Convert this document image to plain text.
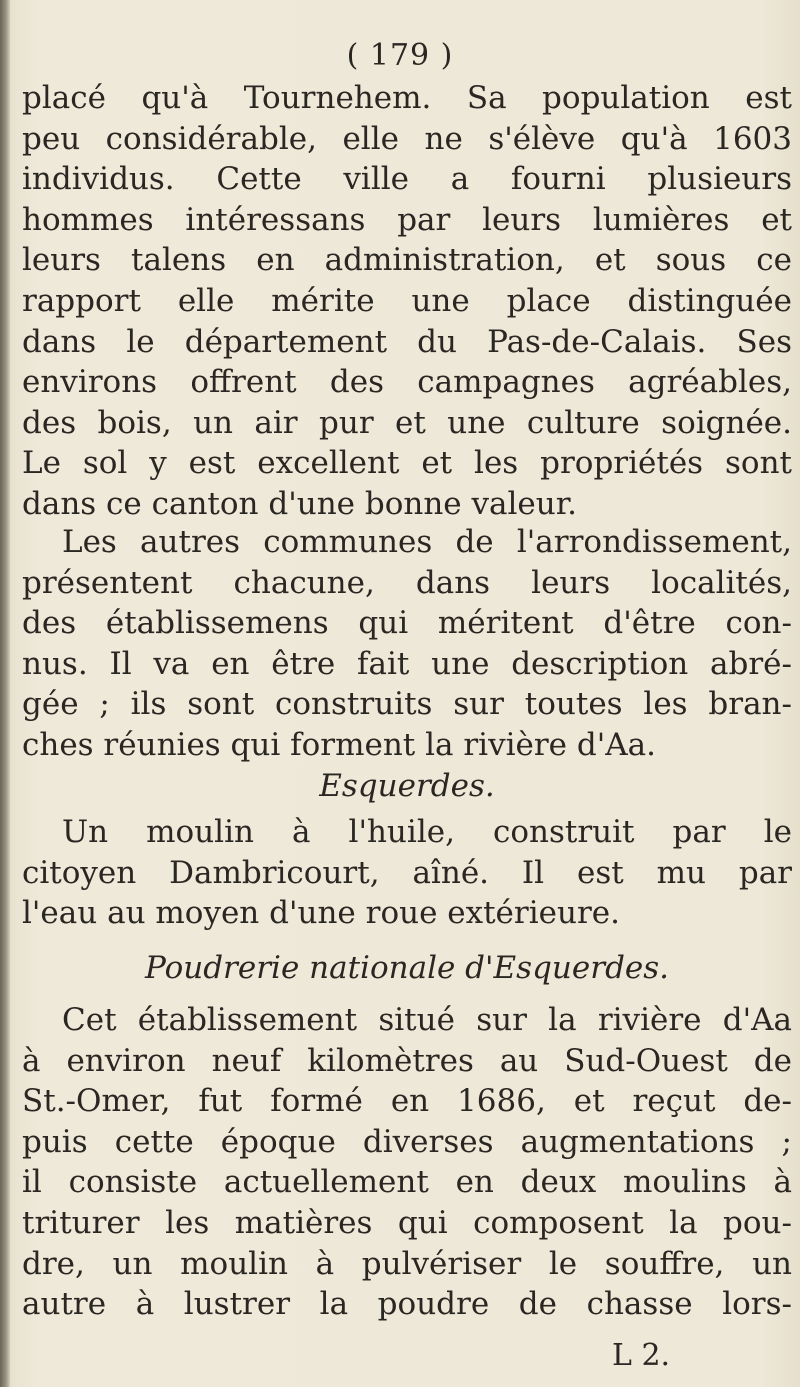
( 179 )
placé qu'à Tournehem. Sa population est
peu considérable, elle ne s'élève qu'à 1603
individus. Cette ville a fourni plusieurs
hommes intéressans par leurs lumières et
leurs talens en administration, et sous ce
rapport elle mérite une place distinguée
dans le département du Pas-de-Calais. Ses
environs offrent des campagnes agréables,
des bois, un air pur et une culture soignée.
Le sol y est excellent et les propriétés sont
dans ce canton d'une bonne valeur.
Les autres communes de l'arrondissement,
présentent chacune, dans leurs localités,
des établissemens qui méritent d'être con-
nus. Il va en être fait une description abré-
gée ; ils sont construits sur toutes les bran-
ches réunies qui forment la rivière d'Aa.
Esquerdes.
Un moulin à l'huile, construit par le
citoyen Dambricourt, aîné. Il est mu par
l'eau au moyen d'une roue extérieure.
Poudrerie nationale d'Esquerdes.
Cet établissement situé sur la rivière d'Aa
à environ neuf kilomètres au Sud-Ouest de
St.-Omer, fut formé en 1686, et reçut de-
puis cette époque diverses augmentations ;
il consiste actuellement en deux moulins à
triturer les matières qui composent la pou-
dre, un moulin à pulvériser le souffre, un
autre à lustrer la poudre de chasse lors-
L 2.
